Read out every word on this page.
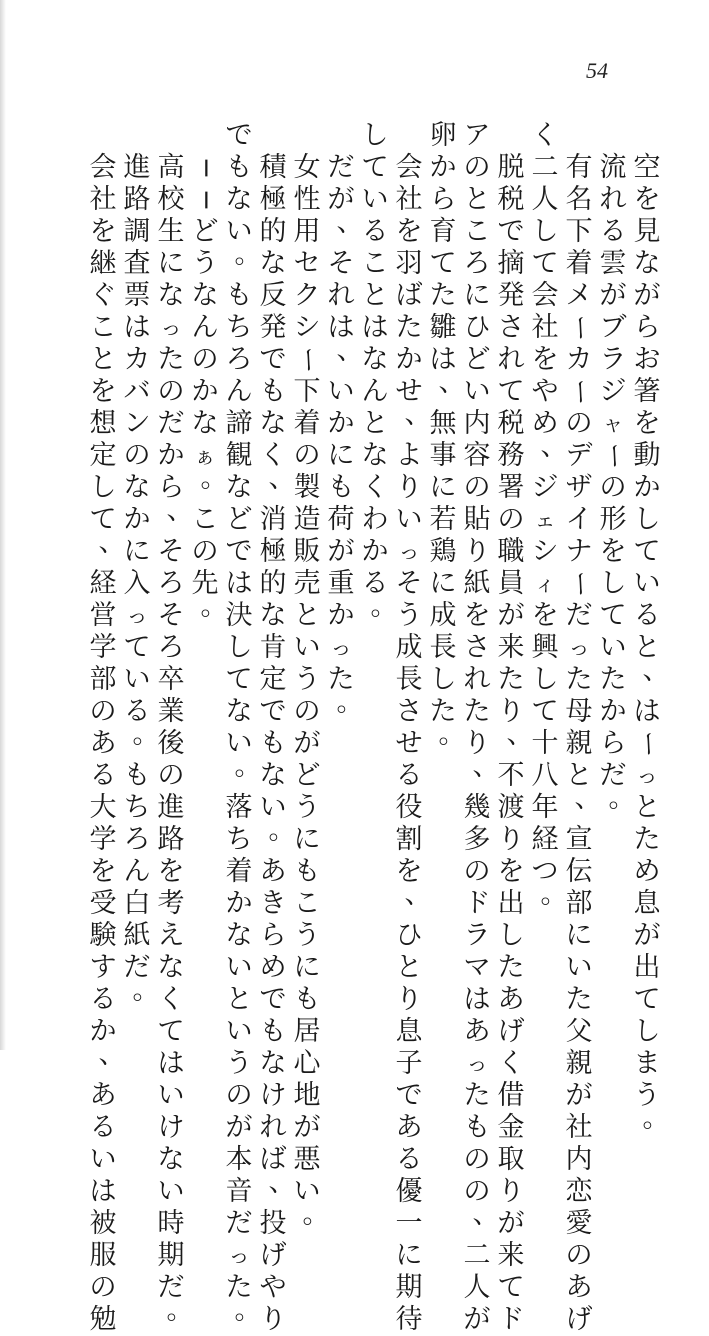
54

空
を
見
な
が
ら
お
箸
を
動
か
し
て
い
る
と
、
は
ー
っ
と
た
め
息
が
出
て
し
ま
う
。

流
れ
る
雲
が
ブ
ラ
ジ
ャ
ー
の
形
を
し
て
い
た
か
ら
だ
。

有
名
下
着
メ
ー
カ
ー
の
デ
ザ
イ
ナ
ー
だ
っ
た
母
親
と
、
宣
伝
部
に
い
た
父
親
が
社
内
恋
愛
の
あ
げ
く
二
人
し
て
会
社
を
や
め
、
ジ
ェ
シ
ィ
を
興
し
て
十
八
年
経
つ
。

脱
税
で
摘
発
さ
れ
て
税
務
署
の
職
員
が
来
た
り
、
不
渡
り
を
出
し
た
あ
げ
く
借
金
取
り
が
来
て
ド
ア
の
と
こ
ろ
に
ひ
ど
い
内
容
の
貼
り
紙
を
さ
れ
た
り
、
幾
多
の
ド
ラ
マ
は
あ
っ
た
も
の
の
、
二
人
が
卵
か
ら
育
て
た
雛
は
、
無
事
に
若
鶏
に
成
長
し
た
。

会
社
を
羽
ば
た
か
せ
、
よ
り
い
っ
そ
う
成
長
さ
せ
る
役
割
を
、
ひ
と
り
息
子
で
あ
る
優
一
に
期
待
し
て
い
る
こ
と
は
な
ん
と
な
く
わ
か
る
。

だ
が
、
そ
れ
は
、
い
か
に
も
荷
が
重
か
っ
た
。

女
性
用
セ
ク
シ
ー
下
着
の
製
造
販
売
と
い
う
の
が
ど
う
に
も
こ
う
に
も
居
心
地
が
悪
い
。

積
極
的
な
反
発
で
も
な
く
、
消
極
的
な
肯
定
で
も
な
い
。
あ
き
ら
め
で
も
な
け
れ
ば
、
投
げ
や
り
で
も
な
い
。
も
ち
ろ
ん
諦
観
な
ど
で
は
決
し
て
な
い
。
落
ち
着
か
な
い
と
い
う
の
が
本
音
だ
っ
た
。

─
─
ど
う
な
ん
の
か
な
ぁ
。
こ
の
先
。

高
校
生
に
な
っ
た
の
だ
か
ら
、
そ
ろ
そ
ろ
卒
業
後
の
進
路
を
考
え
な
く
て
は
い
け
な
い
時
期
だ
。

進
路
調
査
票
は
カ
バ
ン
の
な
か
に
入
っ
て
い
る
。
も
ち
ろ
ん
白
紙
だ
。

会
社
を
継
ぐ
こ
と
を
想
定
し
て
、
経
営
学
部
の
あ
る
大
学
を
受
験
す
る
か
、
あ
る
い
は
被
服
の
勉
